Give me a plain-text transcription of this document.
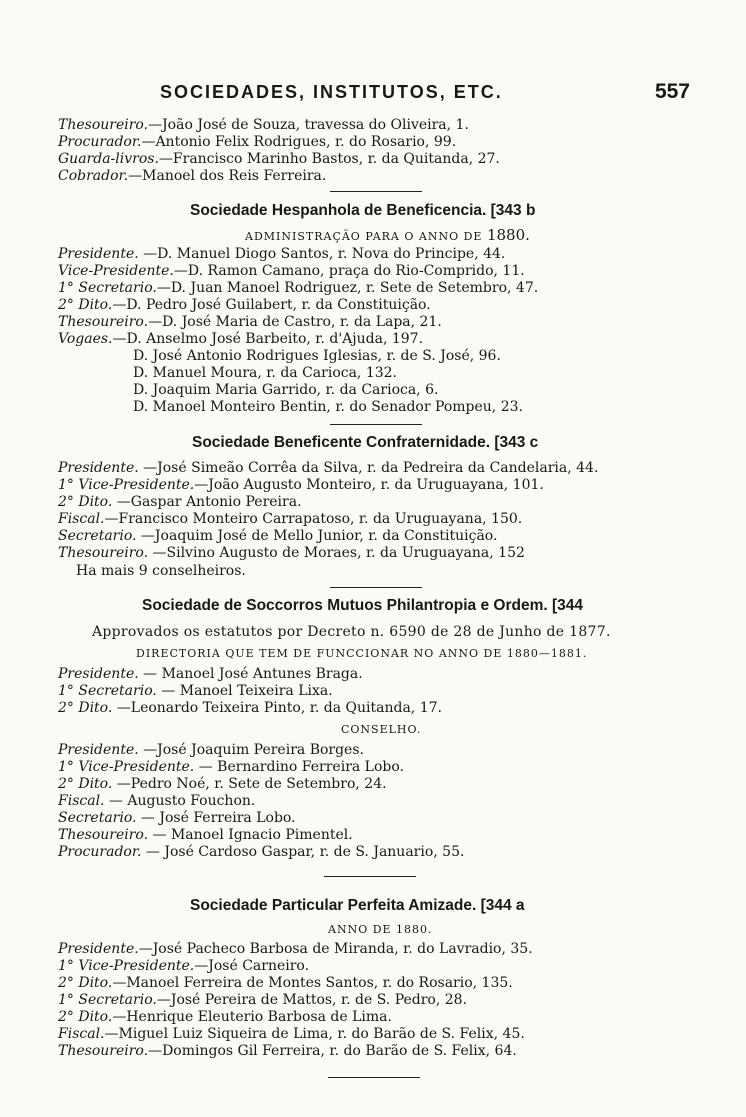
SOCIEDADES, INSTITUTOS, ETC.	557
Thesoureiro.—João José de Souza, travessa do Oliveira, 1.
Procurador.—Antonio Felix Rodrigues, r. do Rosario, 99.
Guarda-livros.—Francisco Marinho Bastos, r. da Quitanda, 27.
Cobrador.—Manoel dos Reis Ferreira.
Sociedade Hespanhola de Beneficencia. [343 b
ADMINISTRAÇÃO PARA O ANNO DE 1880.
Presidente. —D. Manuel Diogo Santos, r. Nova do Principe, 44.
Vice-Presidente.—D. Ramon Camano, praça do Rio-Comprido, 11.
1° Secretario.—D. Juan Manoel Rodriguez, r. Sete de Setembro, 47.
2° Dito.—D. Pedro José Guilabert, r. da Constituição.
Thesoureiro.—D. José Maria de Castro, r. da Lapa, 21.
Vogaes.—D. Anselmo José Barbeito, r. d'Ajuda, 197.
D. José Antonio Rodrigues Iglesias, r. de S. José, 96.
D. Manuel Moura, r. da Carioca, 132.
D. Joaquim Maria Garrido, r. da Carioca, 6.
D. Manoel Monteiro Bentin, r. do Senador Pompeu, 23.
Sociedade Beneficente Confraternidade. [343 c
Presidente. —José Simeão Corrêa da Silva, r. da Pedreira da Candelaria, 44.
1° Vice-Presidente.—João Augusto Monteiro, r. da Uruguayana, 101.
2° Dito. —Gaspar Antonio Pereira.
Fiscal.—Francisco Monteiro Carrapatoso, r. da Uruguayana, 150.
Secretario. —Joaquim José de Mello Junior, r. da Constituição.
Thesoureiro. —Silvino Augusto de Moraes, r. da Uruguayana, 152
Ha mais 9 conselheiros.
Sociedade de Soccorros Mutuos Philantropia e Ordem. [344
Approvados os estatutos por Decreto n. 6590 de 28 de Junho de 1877.
DIRECTORIA QUE TEM DE FUNCCIONAR NO ANNO DE 1880—1881.
Presidente. — Manoel José Antunes Braga.
1° Secretario. — Manoel Teixeira Lixa.
2° Dito. —Leonardo Teixeira Pinto, r. da Quitanda, 17.
CONSELHO.
Presidente. —José Joaquim Pereira Borges.
1° Vice-Presidente. — Bernardino Ferreira Lobo.
2° Dito. —Pedro Noé, r. Sete de Setembro, 24.
Fiscal. — Augusto Fouchon.
Secretario. — José Ferreira Lobo.
Thesoureiro. — Manoel Ignacio Pimentel.
Procurador. — José Cardoso Gaspar, r. de S. Januario, 55.
Sociedade Particular Perfeita Amizade. [344 a
ANNO DE 1880.
Presidente.—José Pacheco Barbosa de Miranda, r. do Lavradio, 35.
1° Vice-Presidente.—José Carneiro.
2° Dito.—Manoel Ferreira de Montes Santos, r. do Rosario, 135.
1° Secretario.—José Pereira de Mattos, r. de S. Pedro, 28.
2° Dito.—Henrique Eleuterio Barbosa de Lima.
Fiscal.—Miguel Luiz Siqueira de Lima, r. do Barão de S. Felix, 45.
Thesoureiro.—Domingos Gil Ferreira, r. do Barão de S. Felix, 64.
